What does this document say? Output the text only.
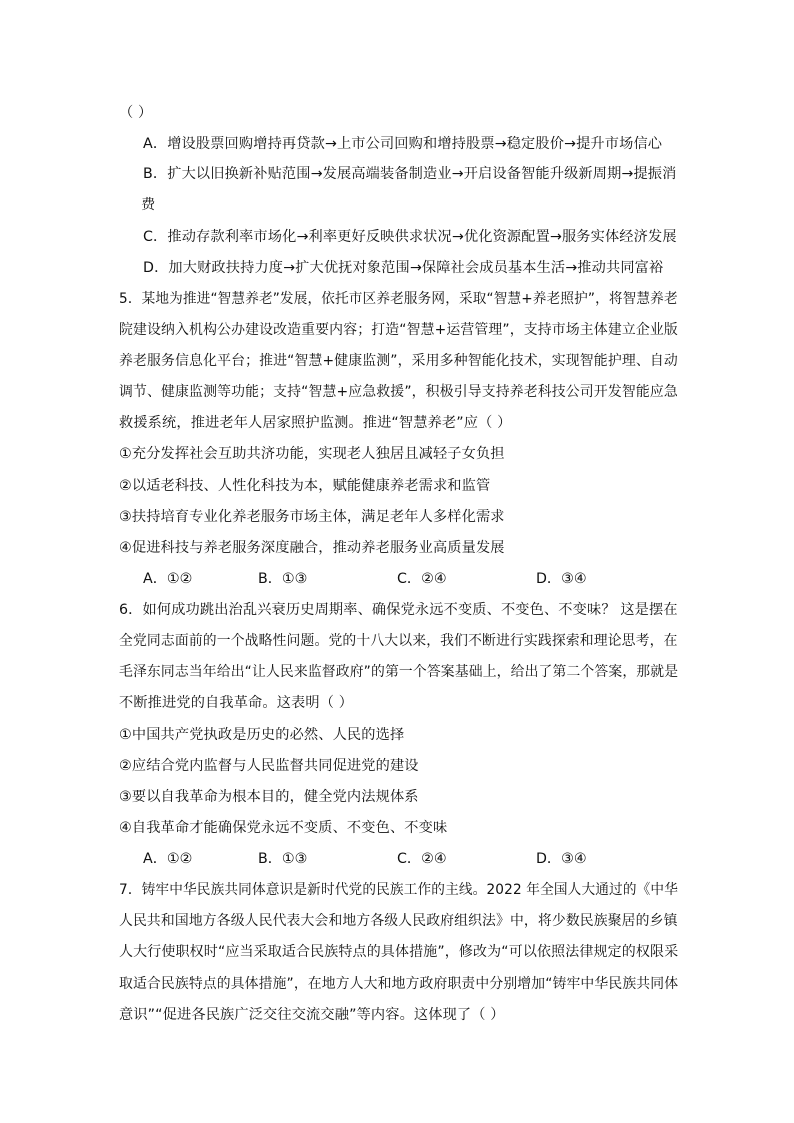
（ ）
A．增设股票回购增持再贷款→上市公司回购和增持股票→稳定股价→提升市场信心
B．扩大以旧换新补贴范围→发展高端装备制造业→开启设备智能升级新周期→提振消
费
C．推动存款利率市场化→利率更好反映供求状况→优化资源配置→服务实体经济发展
D．加大财政扶持力度→扩大优抚对象范围→保障社会成员基本生活→推动共同富裕
5．某地为推进“智慧养老”发展，依托市区养老服务网，采取“智慧+养老照护”，将智慧养老
院建设纳入机构公办建设改造重要内容；打造“智慧+运营管理”，支持市场主体建立企业版
养老服务信息化平台；推进“智慧+健康监测”，采用多种智能化技术，实现智能护理、自动
调节、健康监测等功能；支持“智慧+应急救援”，积极引导支持养老科技公司开发智能应急
救援系统，推进老年人居家照护监测。推进“智慧养老”应（ ）
①充分发挥社会互助共济功能，实现老人独居且减轻子女负担
②以适老科技、人性化科技为本，赋能健康养老需求和监管
③扶持培育专业化养老服务市场主体，满足老年人多样化需求
④促进科技与养老服务深度融合，推动养老服务业高质量发展
A．①②	B．①③	C．②④	D．③④
6．如何成功跳出治乱兴衰历史周期率、确保党永远不变质、不变色、不变味？ 这是摆在
全党同志面前的一个战略性问题。党的十八大以来，我们不断进行实践探索和理论思考，在
毛泽东同志当年给出“让人民来监督政府”的第一个答案基础上，给出了第二个答案，那就是
不断推进党的自我革命。这表明（ ）
①中国共产党执政是历史的必然、人民的选择
②应结合党内监督与人民监督共同促进党的建设
③要以自我革命为根本目的，健全党内法规体系
④自我革命才能确保党永远不变质、不变色、不变味
A．①②	B．①③	C．②④	D．③④
7．铸牢中华民族共同体意识是新时代党的民族工作的主线。2022 年全国人大通过的《中华
人民共和国地方各级人民代表大会和地方各级人民政府组织法》中，将少数民族聚居的乡镇
人大行使职权时“应当采取适合民族特点的具体措施”，修改为“可以依照法律规定的权限采
取适合民族特点的具体措施”，在地方人大和地方政府职责中分别增加“铸牢中华民族共同体
意识”“促进各民族广泛交往交流交融”等内容。这体现了（ ）
